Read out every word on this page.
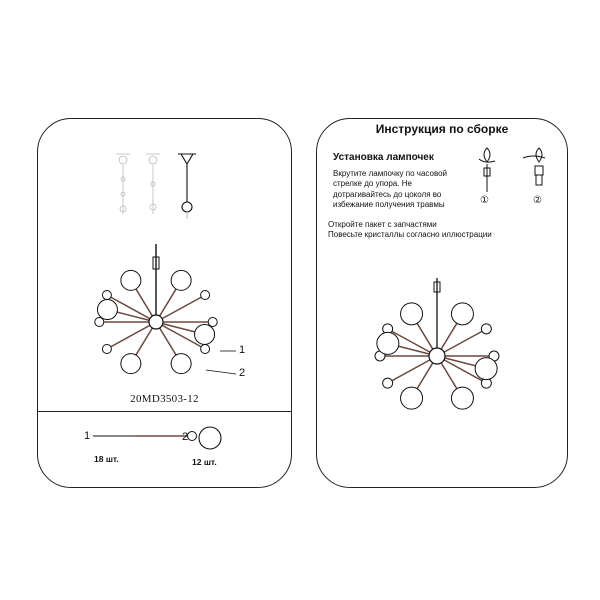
1
2
20MD3503-12
1
18 шт.
2
12 шт.
Инструкция по сборке
Установка лампочек
Вкрутите лампочку по часовой
стрелке до упора. Не
дотрагивайтесь до цоколя во
избежание получения травмы	①	②
Откройте пакет с запчастями
Повесьте кристаллы согласно иллюстрации
